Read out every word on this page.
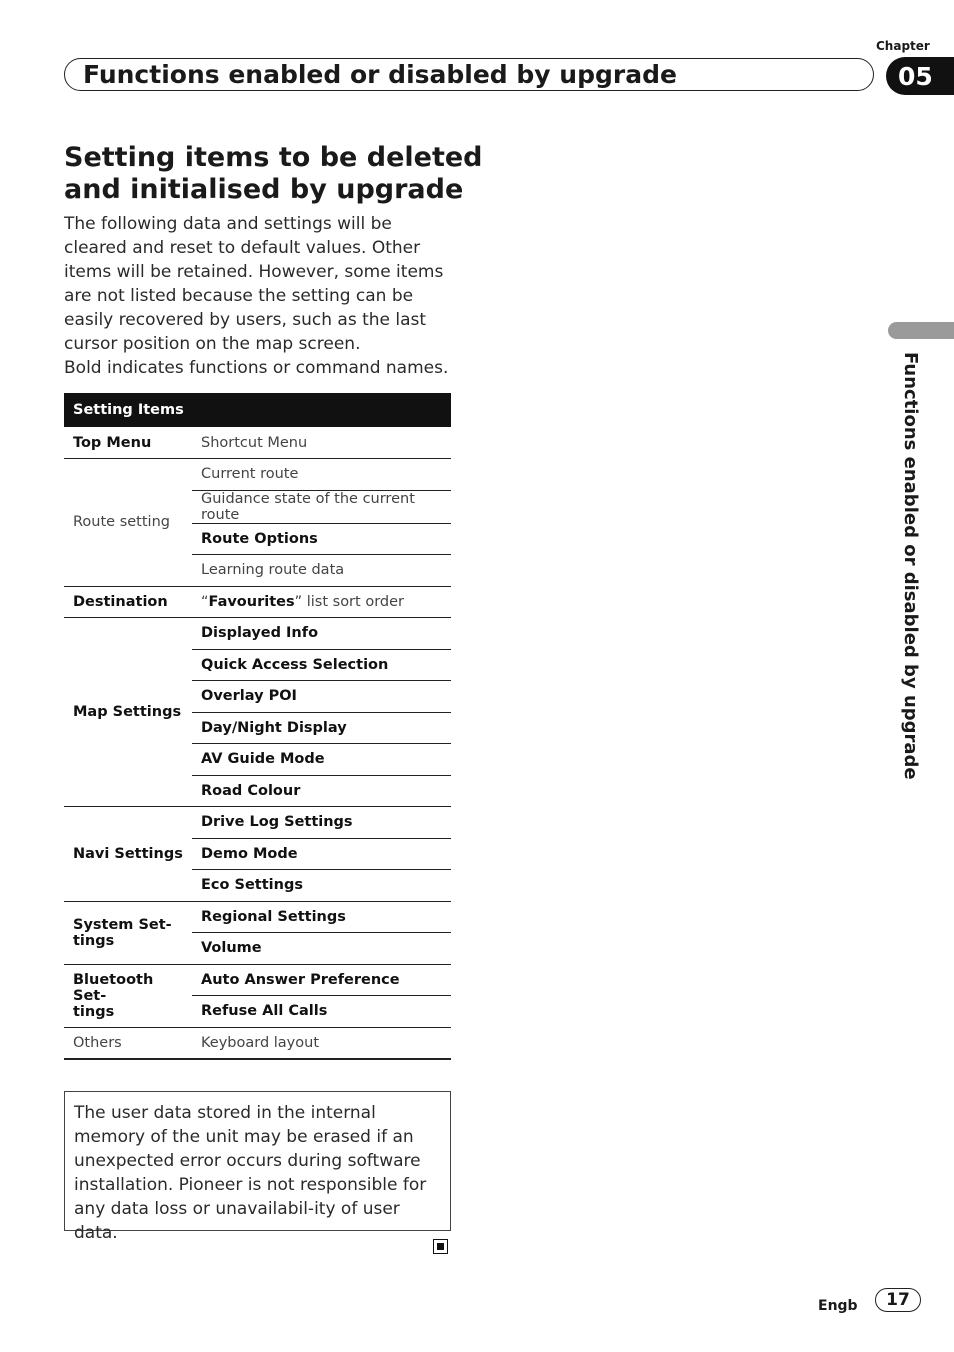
Chapter
05
Functions enabled or disabled by upgrade
Functions enabled or disabled by upgrade
Setting items to be deleted and initialised by upgrade

The following data and settings will be cleared and reset to default values. Other items will be retained. However, some items are not listed because the setting can be easily recovered by users, such as the last cursor position on the map screen.

Bold indicates functions or command names.

Setting Items	
Top Menu	Shortcut Menu
Route setting	Current route
	Guidance state of the current route
	Route Options
	Learning route data
Destination	“Favourites” list sort order
Map Settings	Displayed Info
	Quick Access Selection
	Overlay POI
	Day/Night Display
	AV Guide Mode
	Road Colour
Navi Settings	Drive Log Settings
	Demo Mode
	Eco Settings
System Set-
tings	Regional Settings
	Volume
Bluetooth Set-
tings	Auto Answer Preference
	Refuse All Calls
Others	Keyboard layout
The user data stored in the internal memory of the unit may be erased if an unexpected error occurs during software installation. Pioneer is not responsible for any data loss or unavailabil-ity of user data.
Engb	17
